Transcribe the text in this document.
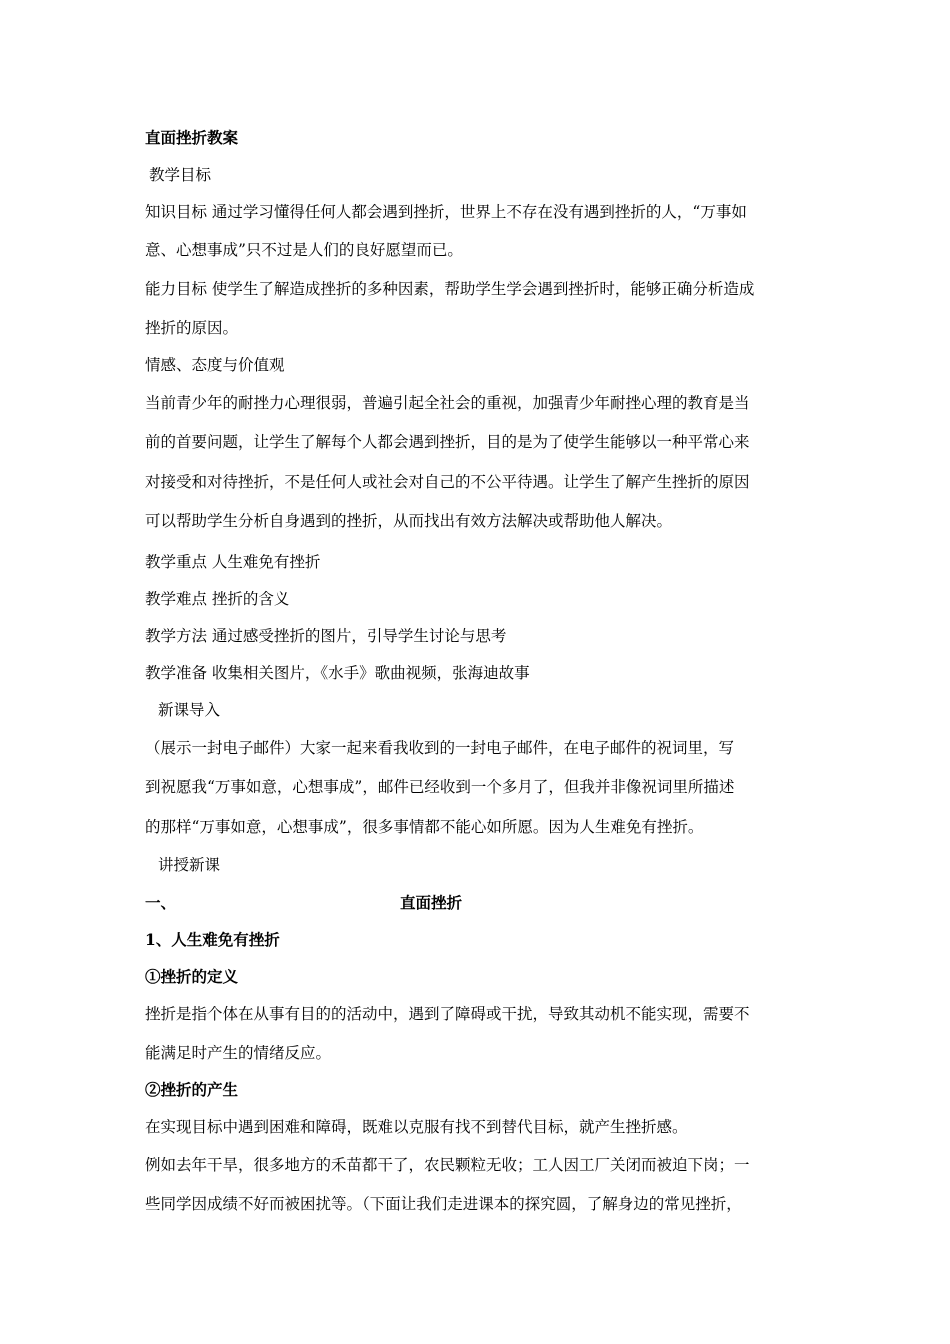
直面挫折教案
教学目标
知识目标 通过学习懂得任何人都会遇到挫折，世界上不存在没有遇到挫折的人，“万事如
意、心想事成”只不过是人们的良好愿望而已。
能力目标 使学生了解造成挫折的多种因素，帮助学生学会遇到挫折时，能够正确分析造成
挫折的原因。
情感、态度与价值观
当前青少年的耐挫力心理很弱，普遍引起全社会的重视，加强青少年耐挫心理的教育是当
前的首要问题，让学生了解每个人都会遇到挫折，目的是为了使学生能够以一种平常心来
对接受和对待挫折，不是任何人或社会对自己的不公平待遇。让学生了解产生挫折的原因
可以帮助学生分析自身遇到的挫折，从而找出有效方法解决或帮助他人解决。
教学重点 人生难免有挫折
教学难点 挫折的含义
教学方法 通过感受挫折的图片，引导学生讨论与思考
教学准备 收集相关图片，《水手》歌曲视频，张海迪故事
新课导入
（展示一封电子邮件）大家一起来看我收到的一封电子邮件，在电子邮件的祝词里，写
到祝愿我“万事如意，心想事成”，邮件已经收到一个多月了，但我并非像祝词里所描述
的那样“万事如意，心想事成”，很多事情都不能心如所愿。因为人生难免有挫折。
讲授新课
一、	直面挫折
1、人生难免有挫折
①挫折的定义
挫折是指个体在从事有目的的活动中，遇到了障碍或干扰，导致其动机不能实现，需要不
能满足时产生的情绪反应。
②挫折的产生
在实现目标中遇到困难和障碍，既难以克服有找不到替代目标，就产生挫折感。
例如去年干旱，很多地方的禾苗都干了，农民颗粒无收；工人因工厂关闭而被迫下岗；一
些同学因成绩不好而被困扰等。（下面让我们走进课本的探究圆，了解身边的常见挫折，
